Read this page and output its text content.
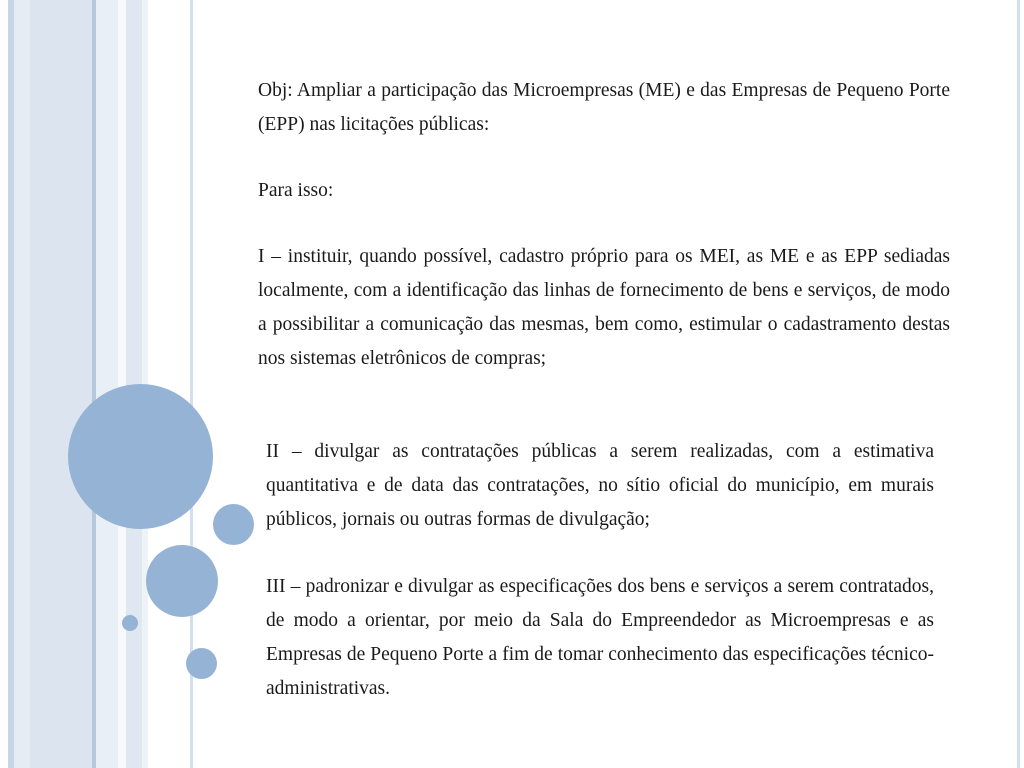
Obj: Ampliar a participação das Microempresas (ME) e das Empresas de Pequeno Porte (EPP) nas licitações públicas:

Para isso:

I – instituir, quando possível, cadastro próprio para os MEI, as ME e as EPP sediadas localmente, com a identificação das linhas de fornecimento de bens e serviços, de modo a possibilitar a comunicação das mesmas, bem como, estimular o cadastramento destas nos sistemas eletrônicos de compras;

II – divulgar as contratações públicas a serem realizadas, com a estimativa quantitativa e de data das contratações, no sítio oficial do município, em murais públicos, jornais ou outras formas de divulgação;

III – padronizar e divulgar as especificações dos bens e serviços a serem contratados, de modo a orientar, por meio da Sala do Empreendedor as Microempresas e as Empresas de Pequeno Porte a fim de tomar conhecimento das especificações técnico-administrativas.
